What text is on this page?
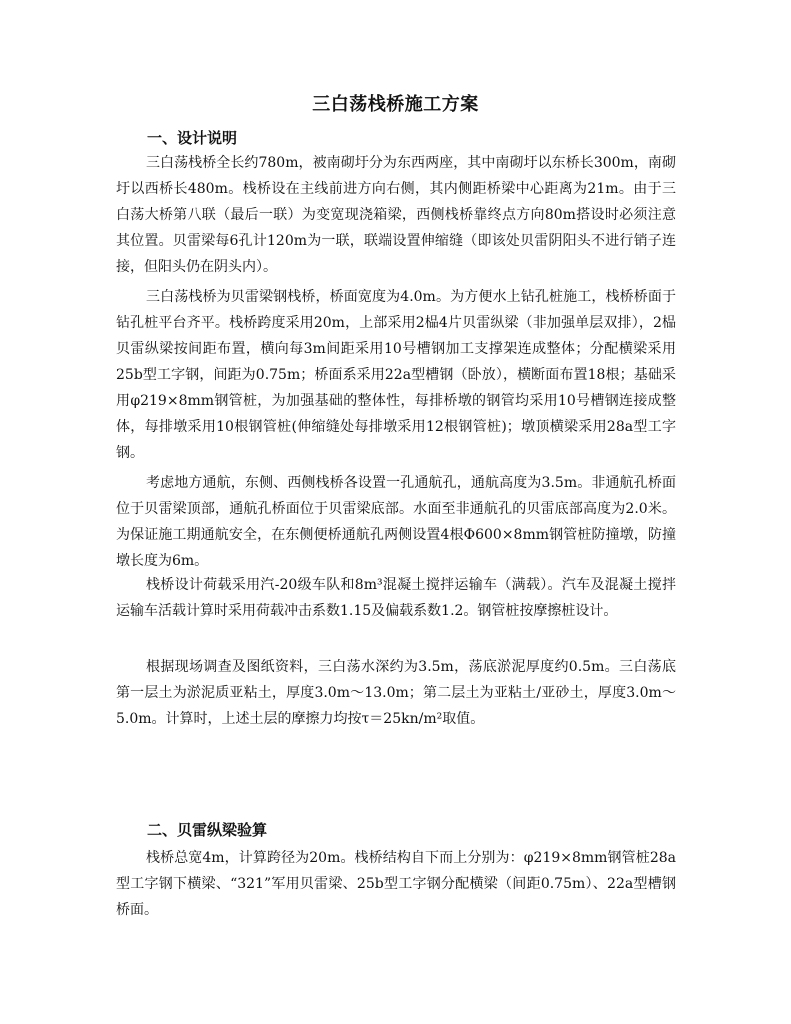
三白荡栈桥施工方案
一、设计说明

三白荡栈桥全长约780m，被南砌圩分为东西两座，其中南砌圩以东桥长300m，南砌圩以西桥长480m。栈桥设在主线前进方向右侧，其内侧距桥梁中心距离为21m。由于三白荡大桥第八联（最后一联）为变宽现浇箱梁，西侧栈桥靠终点方向80m搭设时必须注意其位置。贝雷梁每6孔计120m为一联，联端设置伸缩缝（即该处贝雷阴阳头不进行销子连接，但阳头仍在阴头内）。

三白荡栈桥为贝雷梁钢栈桥，桥面宽度为4.0m。为方便水上钻孔桩施工，栈桥桥面于钻孔桩平台齐平。栈桥跨度采用20m，上部采用2榀4片贝雷纵梁（非加强单层双排），2榀贝雷纵梁按间距布置，横向每3m间距采用10号槽钢加工支撑架连成整体；分配横梁采用25b型工字钢，间距为0.75m；桥面系采用22a型槽钢（卧放），横断面布置18根；基础采用φ219×8mm钢管桩，为加强基础的整体性，每排桥墩的钢管均采用10号槽钢连接成整体，每排墩采用10根钢管桩(伸缩缝处每排墩采用12根钢管桩)；墩顶横梁采用28a型工字钢。

考虑地方通航，东侧、西侧栈桥各设置一孔通航孔，通航高度为3.5m。非通航孔桥面位于贝雷梁顶部，通航孔桥面位于贝雷梁底部。水面至非通航孔的贝雷底部高度为2.0米。为保证施工期通航安全，在东侧便桥通航孔两侧设置4根Φ600×8mm钢管桩防撞墩，防撞墩长度为6m。

栈桥设计荷载采用汽-20级车队和8m³混凝土搅拌运输车（满载）。汽车及混凝土搅拌运输车活载计算时采用荷载冲击系数1.15及偏载系数1.2。钢管桩按摩擦桩设计。

根据现场调查及图纸资料，三白荡水深约为3.5m，荡底淤泥厚度约0.5m。三白荡底第一层土为淤泥质亚粘土，厚度3.0m～13.0m；第二层土为亚粘土/亚砂土，厚度3.0m～5.0m。计算时，上述土层的摩擦力均按τ＝25kn/m²取值。

二、贝雷纵梁验算

栈桥总宽4m，计算跨径为20m。栈桥结构自下而上分别为：φ219×8mm钢管桩28a型工字钢下横梁、“321”军用贝雷梁、25b型工字钢分配横梁（间距0.75m）、22a型槽钢桥面。
